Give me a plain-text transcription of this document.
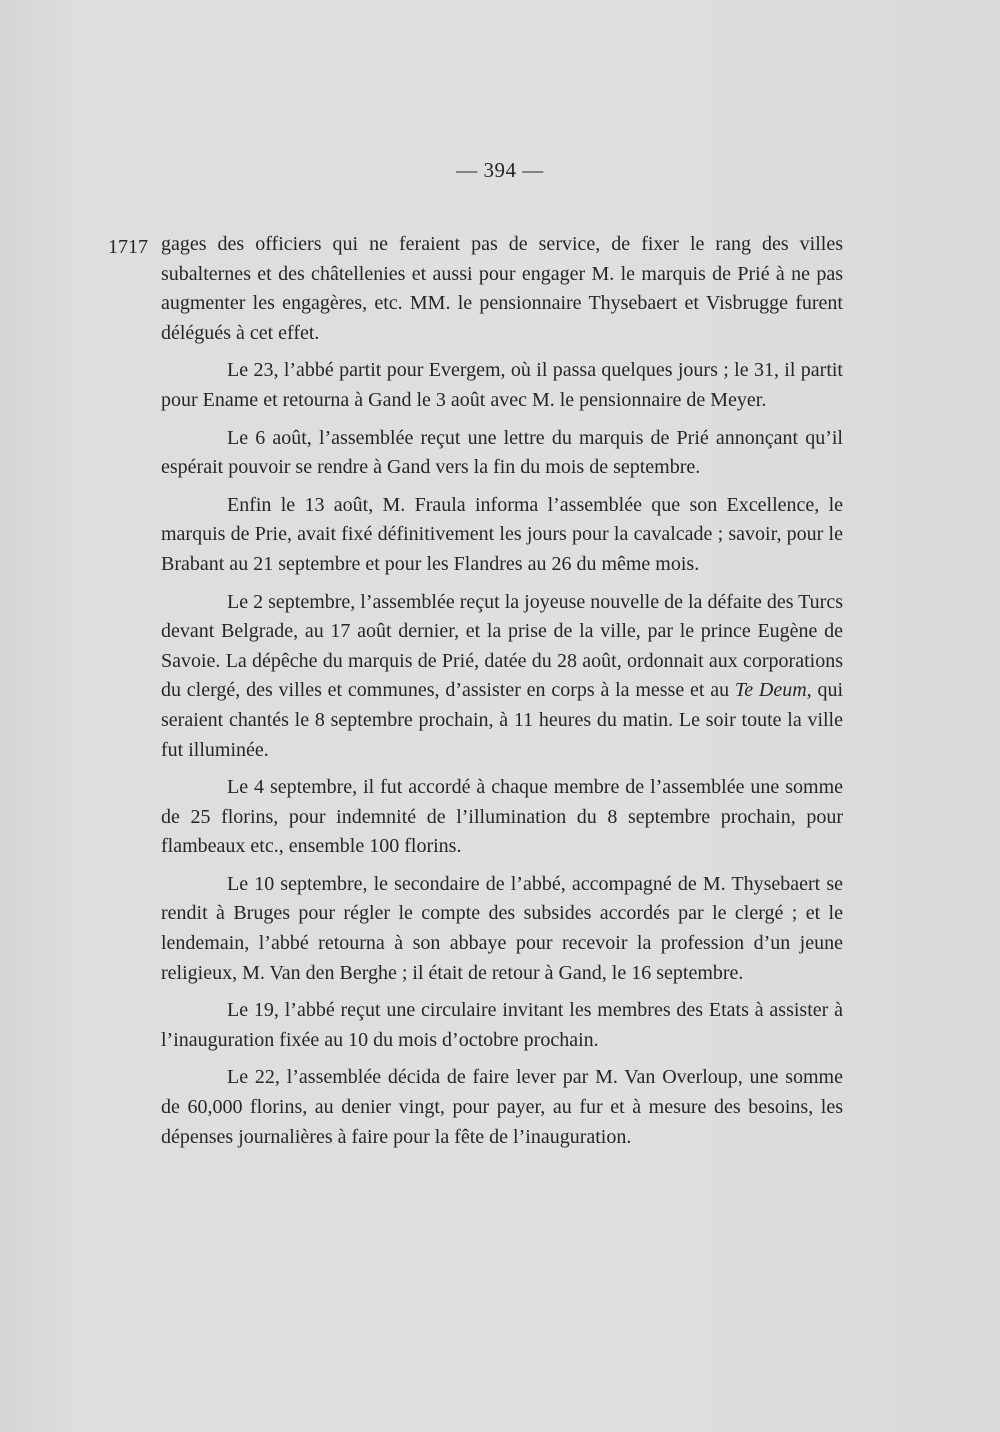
— 394 —
1717 gages des officiers qui ne feraient pas de service, de fixer le rang des villes subalternes et des châtellenies et aussi pour engager M. le marquis de Prié à ne pas augmenter les engagères, etc. MM. le pensionnaire Thysebaert et Visbrugge furent délégués à cet effet.

Le 23, l’abbé partit pour Evergem, où il passa quelques jours ; le 31, il partit pour Ename et retourna à Gand le 3 août avec M. le pensionnaire de Meyer.

Le 6 août, l’assemblée reçut une lettre du marquis de Prié annonçant qu’il espérait pouvoir se rendre à Gand vers la fin du mois de septembre.

Enfin le 13 août, M. Fraula informa l’assemblée que son Excellence, le marquis de Prie, avait fixé définitivement les jours pour la cavalcade ; savoir, pour le Brabant au 21 septembre et pour les Flandres au 26 du même mois.

Le 2 septembre, l’assemblée reçut la joyeuse nouvelle de la défaite des Turcs devant Belgrade, au 17 août dernier, et la prise de la ville, par le prince Eugène de Savoie. La dépêche du marquis de Prié, datée du 28 août, ordonnait aux corporations du clergé, des villes et communes, d’assister en corps à la messe et au Te Deum, qui seraient chantés le 8 septembre prochain, à 11 heures du matin. Le soir toute la ville fut illuminée.

Le 4 septembre, il fut accordé à chaque membre de l’assemblée une somme de 25 florins, pour indemnité de l’illumination du 8 septembre prochain, pour flambeaux etc., ensemble 100 florins.

Le 10 septembre, le secondaire de l’abbé, accompagné de M. Thysebaert se rendit à Bruges pour régler le compte des subsides accordés par le clergé ; et le lendemain, l’abbé retourna à son abbaye pour recevoir la profession d’un jeune religieux, M. Van den Berghe ; il était de retour à Gand, le 16 septembre.

Le 19, l’abbé reçut une circulaire invitant les membres des Etats à assister à l’inauguration fixée au 10 du mois d’octobre prochain.

Le 22, l’assemblée décida de faire lever par M. Van Overloup, une somme de 60,000 florins, au denier vingt, pour payer, au fur et à mesure des besoins, les dépenses journalières à faire pour la fête de l’inauguration.
